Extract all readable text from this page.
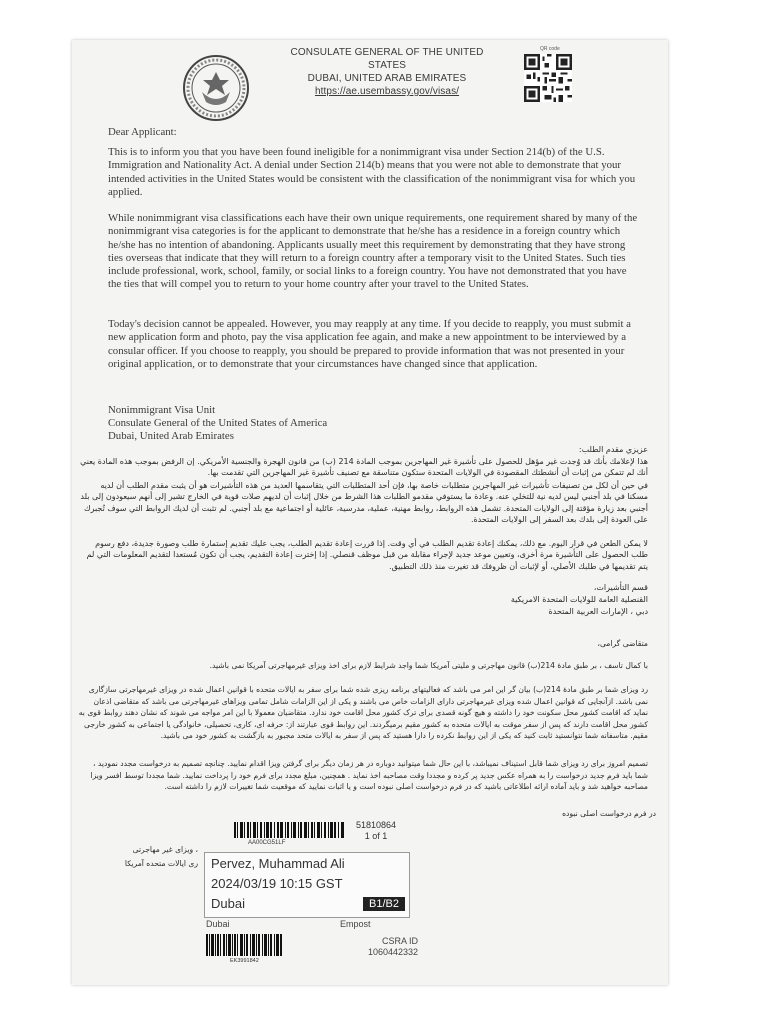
CONSULATE GENERAL OF THE UNITED STATES
DUBAI, UNITED ARAB EMIRATES
https://ae.usembassy.gov/visas/
QR code

Dear Applicant:

This is to inform you that you have been found ineligible for a nonimmigrant visa under Section 214(b) of the U.S. Immigration and Nationality Act. A denial under Section 214(b) means that you were not able to demonstrate that your intended activities in the United States would be consistent with the classification of the nonimmigrant visa for which you applied.

While nonimmigrant visa classifications each have their own unique requirements, one requirement shared by many of the nonimmigrant visa categories is for the applicant to demonstrate that he/she has a residence in a foreign country which he/she has no intention of abandoning. Applicants usually meet this requirement by demonstrating that they have strong ties overseas that indicate that they will return to a foreign country after a temporary visit to the United States. Such ties include professional, work, school, family, or social links to a foreign country. You have not demonstrated that you have the ties that will compel you to return to your home country after your travel to the United States.

Today's decision cannot be appealed. However, you may reapply at any time. If you decide to reapply, you must submit a new application form and photo, pay the visa application fee again, and make a new appointment to be interviewed by a consular officer. If you choose to reapply, you should be prepared to provide information that was not presented in your original application, or to demonstrate that your circumstances have changed since that application.

Nonimmigrant Visa Unit

Consulate General of the United States of America

Dubai, United Arab Emirates

عزيزي مقدم الطلب:

هذا لإعلامك بأنك قد وُجدت غير مؤهل للحصول على تأشيرة غير المهاجرين بموجب المادة 214 (ب) من قانون الهجرة والجنسية الأمريكي. إن الرفض بموجب هذه المادة يعني أنك لم تتمكن من إثبات أن أنشطتك المقصودة في الولايات المتحدة ستكون متناسقة مع تصنيف تأشيرة غير المهاجرين التي تقدمت بها.

في حين أن لكل من تصنيفات تأشيرات غير المهاجرين متطلبات خاصة بها، فإن أحد المتطلبات التي يتقاسمها العديد من هذه التأشيرات هو أن يثبت مقدم الطلب أن لديه مسكنا في بلد أجنبي ليس لديه نية للتخلي عنه. وعادة ما يستوفي مقدمو الطلبات هذا الشرط من خلال إثبات أن لديهم صلات قوية في الخارج تشير إلى أنهم سيعودون إلى بلد أجنبي بعد زيارة مؤقتة إلى الولايات المتحدة. تشمل هذه الروابط، روابط مهنية، عملية، مدرسية، عائلية أو اجتماعية مع بلد أجنبي. لم تثبت أن لديك الروابط التي سوف تُجبرك على العودة إلى بلدك بعد السفر إلى الولايات المتحدة.

لا يمكن الطعن في قرار اليوم. مع ذلك، يمكنك إعادة تقديم الطلب في أي وقت. إذا قررت إعادة تقديم الطلب، يجب عليك تقديم إستمارة طلب وصورة جديدة، دفع رسوم طلب الحصول على التأشيرة مرة أخرى، وتعيين موعد جديد لإجراء مقابلة من قبل موظف قنصلي. إذا إخترت إعادة التقديم، يجب أن تكون مُستعدا لتقديم المعلومات التي لم يتم تقديمها في طلبك الأصلي، أو لإثبات أن ظروفك قد تغيرت منذ ذلك التطبيق.

قسم التأشيرات،

القنصلية العامة للولايات المتحدة الامريكية

دبي ، الإمارات العربية المتحدة

متقاضی گرامی،

با کمال تاسف ، بر طبق مادهٔ 214(ب) قانون مهاجرتی و ملیتی آمریکا شما واجد شرایط لازم برای اخذ ویزای غیرمهاجرتی آمریکا نمی باشید.

رد ویزای شما بر طبق مادهٔ 214(ب) بیان گر این امر می باشد که فعالیتهای برنامه ریزی شده شما برای سفر به ایالات متحده با قوانین اعمال شده در ویزای غیرمهاجرتی سازگاری نمی باشد. ازآنجایی که قوانین اعمال شده ویزای غیرمهاجرتی دارای الزامات خاص می باشند و یکی از این الزامات شامل تمامی ویزاهای غیرمهاجرتی می باشد که متقاضی اذعان نماید که اقامت کشور محل سکونت خود را داشته و هیچ گونه قصدی برای ترک کشور محل اقامت خود ندارد. متقاضیان معمولا با این امر مواجه می شوند که نشان دهند روابط قوی به کشور محل اقامت دارند که پس از سفر موقت به ایالات متحده به کشور مقیم برمیگردند. این روابط قوی عبارتند از: حرفه ای، کاری، تحصیلی، خانوادگی یا اجتماعی به کشور خارجی مقیم. متاسفانه شما نتوانستید ثابت کنید که یکی از این روابط نکرده را دارا هستید که پس از سفر به ایالات متحد مجبور به بازگشت به کشور خود می باشید.

تصمیم امروز برای رد ویزای شما قابل استیناف نمیباشد، با این حال شما میتوانید دوباره در هر زمان دیگر برای گرفتن ویزا اقدام نمایید. چنانچه تصمیم به درخواست مجدد نمودید ، شما باید فرم جدید درخواست را به همراه عکس جدید پر کرده و مجددا وقت مصاحبه اخذ نماید . همچنین، مبلغ مجدد برای فرم خود را پرداخت نمایید. شما مجددا توسط افسر ویزا مصاحبه خواهید شد و باید آماده ارائه اطلاعاتی باشید که در فرم درخواست اصلی نبوده است و یا اثبات نمایید که موقعیت شما تغییرات لازم را داشته است.

در فرم درخواست اصلی نبوده

، ویزای غیر مهاجرتی

ری ایالات متحده آمریکا

AA00CG51LF
51810864
1 of 1
Pervez, Muhammad Ali
2024/03/19 10:15 GST
Dubai	B1/B2
Dubai	Empost
EK3991842
CSRA ID
1060442332
